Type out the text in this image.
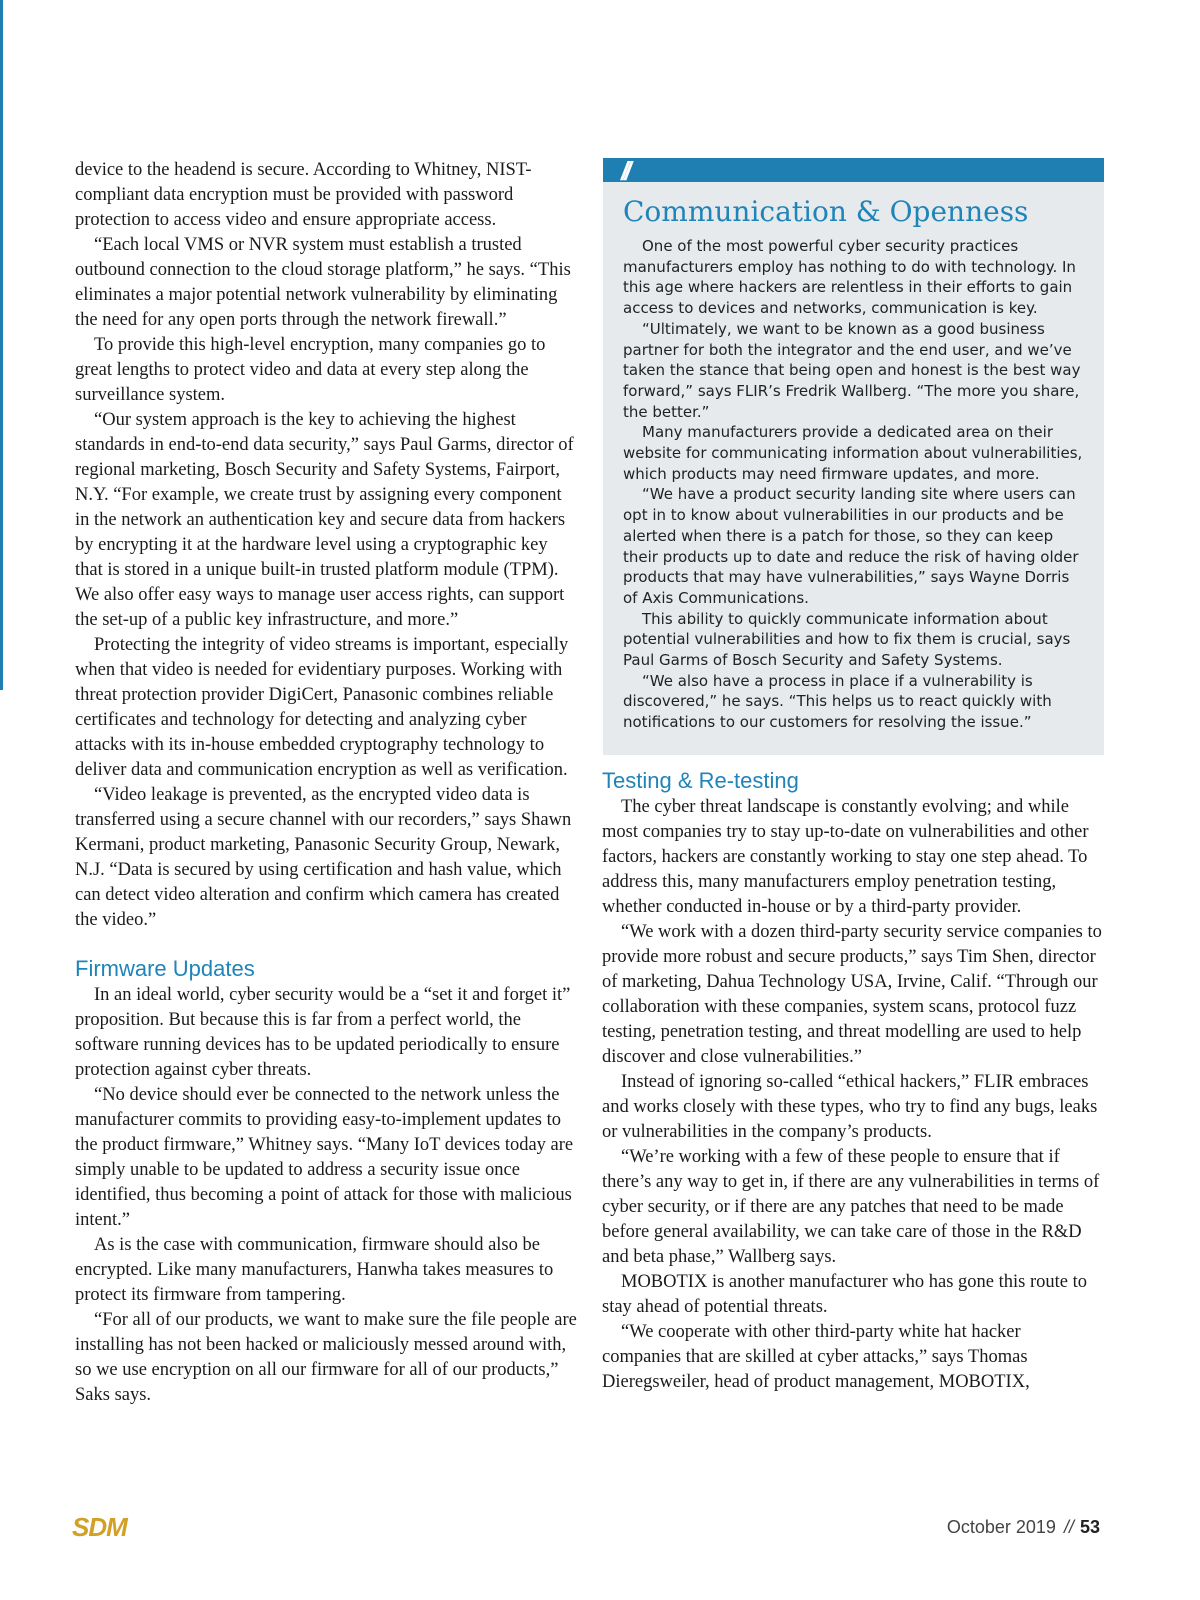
device to the headend is secure. According to Whitney, NIST-compliant data encryption must be provided with password protection to access video and ensure appropriate access.

“Each local VMS or NVR system must establish a trusted outbound connection to the cloud storage platform,” he says. “This eliminates a major potential network vulnerability by eliminating the need for any open ports through the network firewall.”

To provide this high-level encryption, many companies go to great lengths to protect video and data at every step along the surveillance system.

“Our system approach is the key to achieving the highest standards in end-to-end data security,” says Paul Garms, director of regional marketing, Bosch Security and Safety Systems, Fairport, N.Y. “For example, we create trust by assigning every component in the network an authentication key and secure data from hackers by encrypting it at the hardware level using a cryptographic key that is stored in a unique built-in trusted platform module (TPM). We also offer easy ways to manage user access rights, can support the set-up of a public key infrastructure, and more.”

Protecting the integrity of video streams is important, especially when that video is needed for evidentiary purposes. Working with threat protection provider DigiCert, Panasonic combines reliable certificates and technology for detecting and analyzing cyber attacks with its in-house embedded cryptography technology to deliver data and communication encryption as well as verification.

“Video leakage is prevented, as the encrypted video data is transferred using a secure channel with our recorders,” says Shawn Kermani, product marketing, Panasonic Security Group, Newark, N.J. “Data is secured by using certification and hash value, which can detect video alteration and confirm which camera has created the video.”

Firmware Updates

In an ideal world, cyber security would be a “set it and forget it” proposition. But because this is far from a perfect world, the software running devices has to be updated periodically to ensure protection against cyber threats.

“No device should ever be connected to the network unless the manufacturer commits to providing easy-to-implement updates to the product firmware,” Whitney says. “Many IoT devices today are simply unable to be updated to address a security issue once identified, thus becoming a point of attack for those with malicious intent.”

As is the case with communication, firmware should also be encrypted. Like many manufacturers, Hanwha takes measures to protect its firmware from tampering.

“For all of our products, we want to make sure the file people are installing has not been hacked or maliciously messed around with, so we use encryption on all our firmware for all of our products,” Saks says.

//
Communication & Openness

One of the most powerful cyber security practices manufacturers employ has nothing to do with technology. In this age where hackers are relentless in their efforts to gain access to devices and networks, communication is key.

“Ultimately, we want to be known as a good business partner for both the integrator and the end user, and we’ve taken the stance that being open and honest is the best way forward,” says FLIR’s Fredrik Wallberg. “The more you share, the better.”

Many manufacturers provide a dedicated area on their website for communicating information about vulnerabilities, which products may need firmware updates, and more.

“We have a product security landing site where users can opt in to know about vulnerabilities in our products and be alerted when there is a patch for those, so they can keep their products up to date and reduce the risk of having older products that may have vulnerabilities,” says Wayne Dorris of Axis Communications.

This ability to quickly communicate information about potential vulnerabilities and how to fix them is crucial, says Paul Garms of Bosch Security and Safety Systems.

“We also have a process in place if a vulnerability is discovered,” he says. “This helps us to react quickly with notifications to our customers for resolving the issue.”

Testing & Re-testing

The cyber threat landscape is constantly evolving; and while most companies try to stay up-to-date on vulnerabilities and other factors, hackers are constantly working to stay one step ahead. To address this, many manufacturers employ penetration testing, whether conducted in-house or by a third-party provider.

“We work with a dozen third-party security service companies to provide more robust and secure products,” says Tim Shen, director of marketing, Dahua Technology USA, Irvine, Calif. “Through our collaboration with these companies, system scans, protocol fuzz testing, penetration testing, and threat modelling are used to help discover and close vulnerabilities.”

Instead of ignoring so-called “ethical hackers,” FLIR embraces and works closely with these types, who try to find any bugs, leaks or vulnerabilities in the company’s products.

“We’re working with a few of these people to ensure that if there’s any way to get in, if there are any vulnerabilities in terms of cyber security, or if there are any patches that need to be made before general availability, we can take care of those in the R&D and beta phase,” Wallberg says.

MOBOTIX is another manufacturer who has gone this route to stay ahead of potential threats.

“We cooperate with other third-party white hat hacker companies that are skilled at cyber attacks,” says Thomas Dieregsweiler, head of product management, MOBOTIX,

SDM	October 2019 // 53
